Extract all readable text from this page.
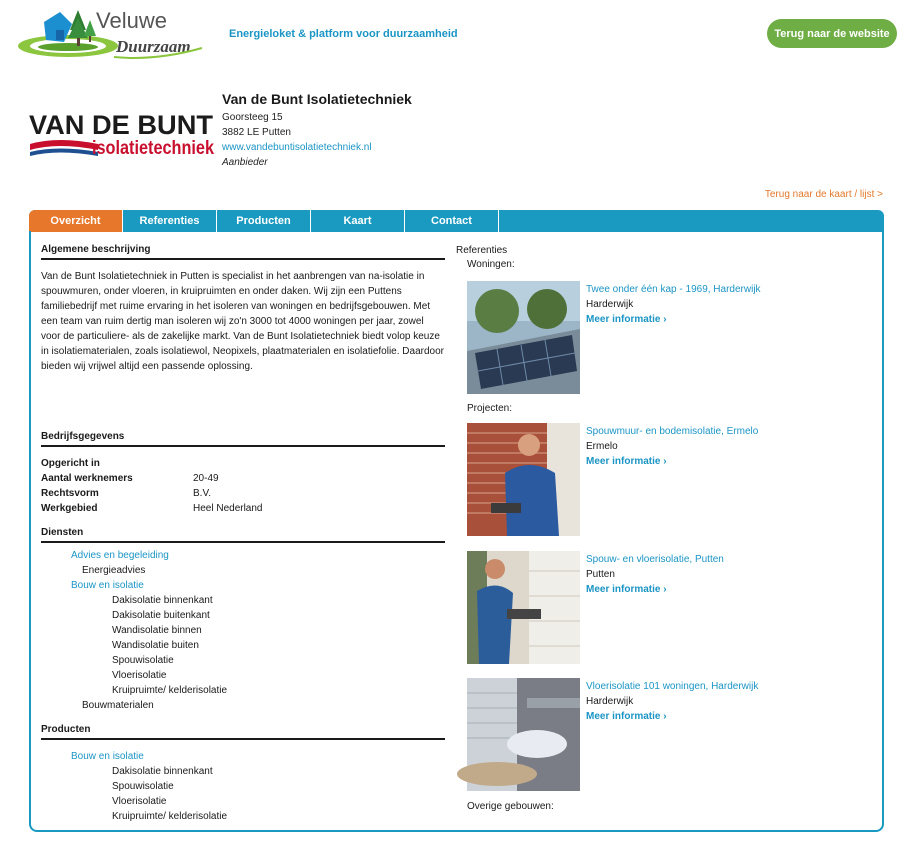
Veluwe
Duurzaam
Energieloket & platform voor duurzaamheid	Terug naar de website
VAN DE BUNT
isolatietechniek
Van de Bunt Isolatietechniek
Goorsteeg 15
3882 LE Putten
www.vandebuntisolatietechniek.nl
Aanbieder
Terug naar de kaart / lijst >
Overzicht	Referenties	Producten	Kaart	Contact
Algemene beschrijving
Van de Bunt Isolatietechniek in Putten is specialist in het aanbrengen van na-isolatie in spouwmuren, onder vloeren, in kruipruimten en onder daken. Wij zijn een Puttens familiebedrijf met ruime ervaring in het isoleren van woningen en bedrijfsgebouwen. Met een team van ruim dertig man isoleren wij zo'n 3000 tot 4000 woningen per jaar, zowel voor de particuliere- als de zakelijke markt. Van de Bunt Isolatietechniek biedt volop keuze in isolatiematerialen, zoals isolatiewol, Neopixels, plaatmaterialen en isolatiefolie. Daardoor bieden wij vrijwel altijd een passende oplossing.
Bedrijfsgegevens
Opgericht in
Aantal werknemers	20-49
Rechtsvorm	B.V.
Werkgebied	Heel Nederland
Diensten
Advies en begeleiding
Energieadvies
Bouw en isolatie
Dakisolatie binnenkant
Dakisolatie buitenkant
Wandisolatie binnen
Wandisolatie buiten
Spouwisolatie
Vloerisolatie
Kruipruimte/ kelderisolatie
Bouwmaterialen
Producten
Bouw en isolatie
Dakisolatie binnenkant
Spouwisolatie
Vloerisolatie
Kruipruimte/ kelderisolatie
Referenties
Woningen:
Twee onder één kap - 1969, Harderwijk
Harderwijk
Meer informatie ›
Projecten:
Spouwmuur- en bodemisolatie, Ermelo
Ermelo
Meer informatie ›
Spouw- en vloerisolatie, Putten
Putten
Meer informatie ›
Vloerisolatie 101 woningen, Harderwijk
Harderwijk
Meer informatie ›
Overige gebouwen:
